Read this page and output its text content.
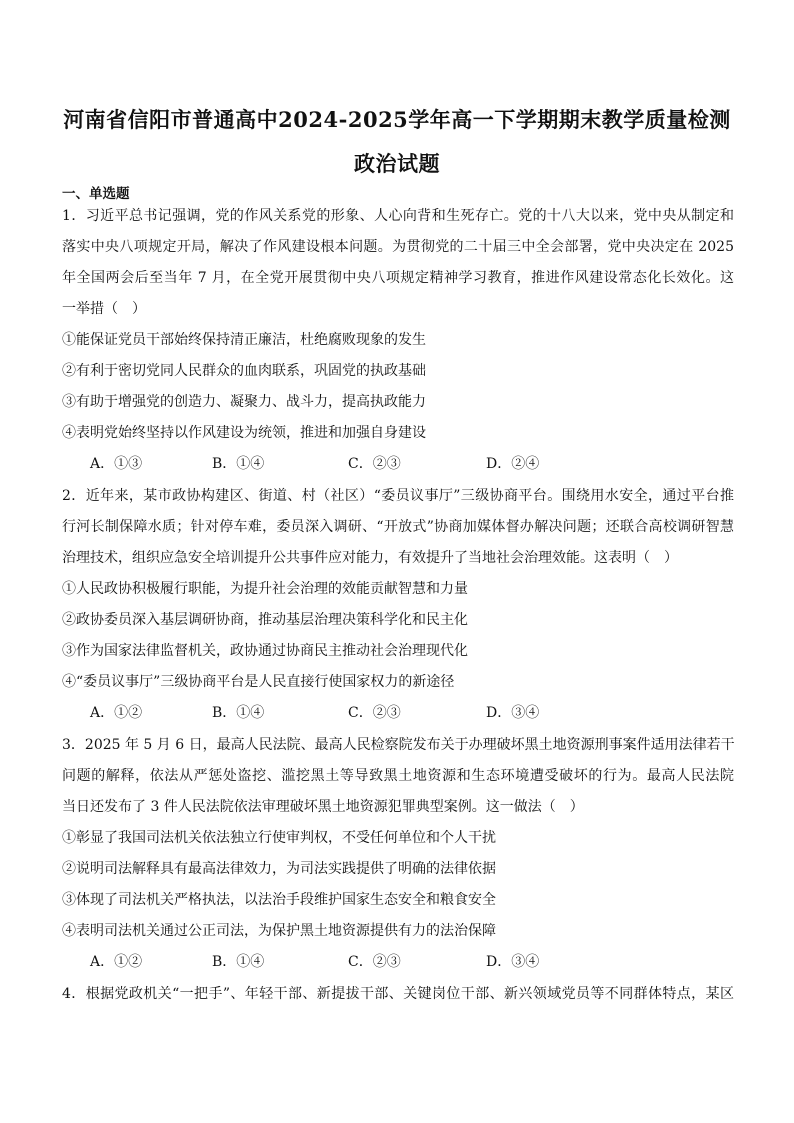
河南省信阳市普通高中2024-2025学年高一下学期期末教学质量检测
政治试题
一、单选题
1．习近平总书记强调，党的作风关系党的形象、人心向背和生死存亡。党的十八大以来，党中央从制定和
落实中央八项规定开局，解决了作风建设根本问题。为贯彻党的二十届三中全会部署，党中央决定在 2025
年全国两会后至当年 7 月，在全党开展贯彻中央八项规定精神学习教育，推进作风建设常态化长效化。这
一举措（　）
①能保证党员干部始终保持清正廉洁，杜绝腐败现象的发生
②有利于密切党同人民群众的血肉联系，巩固党的执政基础
③有助于增强党的创造力、凝聚力、战斗力，提高执政能力
④表明党始终坚持以作风建设为统领，推进和加强自身建设
A．①③	B．①④	C．②③	D．②④
2．近年来，某市政协构建区、街道、村（社区）“委员议事厅”三级协商平台。围绕用水安全，通过平台推
行河长制保障水质；针对停车难，委员深入调研、“开放式”协商加媒体督办解决问题；还联合高校调研智慧
治理技术，组织应急安全培训提升公共事件应对能力，有效提升了当地社会治理效能。这表明（　）
①人民政协积极履行职能，为提升社会治理的效能贡献智慧和力量
②政协委员深入基层调研协商，推动基层治理决策科学化和民主化
③作为国家法律监督机关，政协通过协商民主推动社会治理现代化
④“委员议事厅”三级协商平台是人民直接行使国家权力的新途径
A．①②	B．①④	C．②③	D．③④
3．2025 年 5 月 6 日，最高人民法院、最高人民检察院发布关于办理破坏黑土地资源刑事案件适用法律若干
问题的解释，依法从严惩处盗挖、滥挖黑土等导致黑土地资源和生态环境遭受破坏的行为。最高人民法院
当日还发布了 3 件人民法院依法审理破坏黑土地资源犯罪典型案例。这一做法（　）
①彰显了我国司法机关依法独立行使审判权，不受任何单位和个人干扰
②说明司法解释具有最高法律效力，为司法实践提供了明确的法律依据
③体现了司法机关严格执法，以法治手段维护国家生态安全和粮食安全
④表明司法机关通过公正司法，为保护黑土地资源提供有力的法治保障
A．①②	B．①④	C．②③	D．③④
4．根据党政机关“一把手”、年轻干部、新提拔干部、关键岗位干部、新兴领域党员等不同群体特点，某区
